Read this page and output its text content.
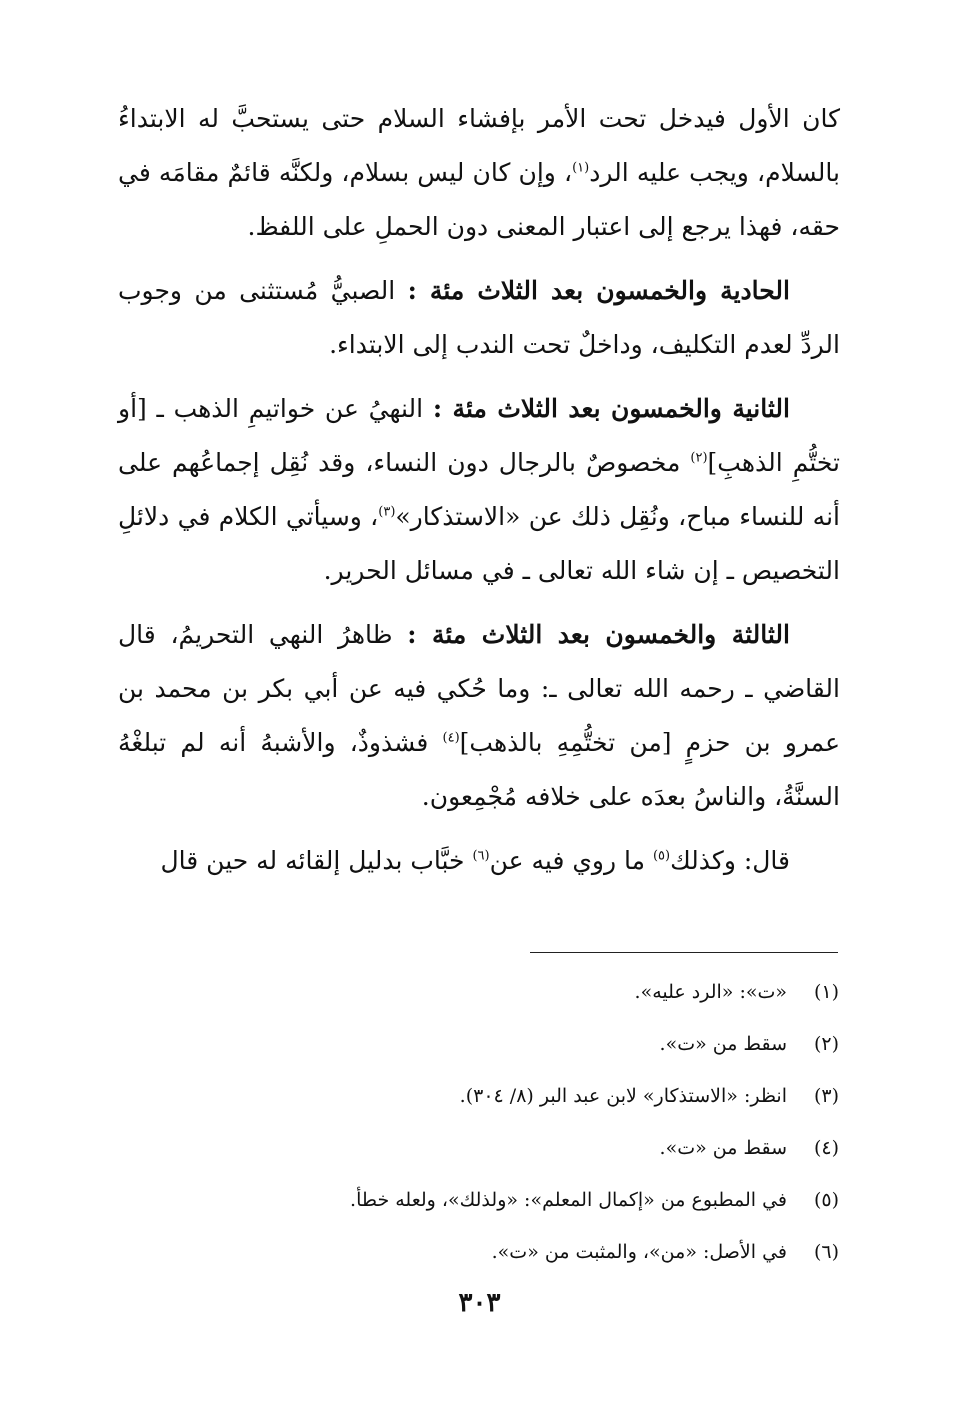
كان الأول فيدخل تحت الأمر بإفشاء السلام حتى يستحبَّ له الابتداءُ بالسلام، ويجب عليه الرد$^{(١)}$، وإن كان ليس بسلام، ولكنَّه قائمٌ مقامَه في حقه، فهذا يرجع إلى اعتبار المعنى دون الحملِ على اللفظ.

الحادية والخمسون بعد الثلاث مئة : الصبيُّ مُستثنى من وجوب الردِّ لعدم التكليف، وداخلٌ تحت الندب إلى الابتداء.

الثانية والخمسون بعد الثلاث مئة : النهيُ عن خواتيمِ الذهب ـ [أو تختُّمِ الذهبِ]$^{(٢)}$ مخصوصٌ بالرجال دون النساء، وقد نُقِل إجماعُهم على أنه للنساء مباح، ونُقِل ذلك عن «الاستذكار»$^{(٣)}$، وسيأتي الكلام في دلائلِ التخصيص ـ إن شاء الله تعالى ـ في مسائل الحرير.

الثالثة والخمسون بعد الثلاث مئة : ظاهرُ النهي التحريمُ، قال القاضي ـ رحمه الله تعالى ـ: وما حُكي فيه عن أبي بكر بن محمد بن عمرو بن حزمٍ [من تختُّمِهِ بالذهب]$^{(٤)}$ فشذوذٌ، والأشبهُ أنه لم تبلغْهُ السنَّةُ، والناسُ بعدَه على خلافه مُجْمِعون.

قال: وكذلك$^{(٥)}$ ما روي فيه عن$^{(٦)}$ خبَّاب بدليل إلقائه له حين قال

(١)
«ت»: «الرد عليه».
(٢)
سقط من «ت».
(٣)
انظر: «الاستذكار» لابن عبد البر (٨/ ٣٠٤).
(٤)
سقط من «ت».
(٥)
في المطبوع من «إكمال المعلم»: «ولذلك»، ولعله خطأ.
(٦)
في الأصل: «من»، والمثبت من «ت».
٣٠٣
